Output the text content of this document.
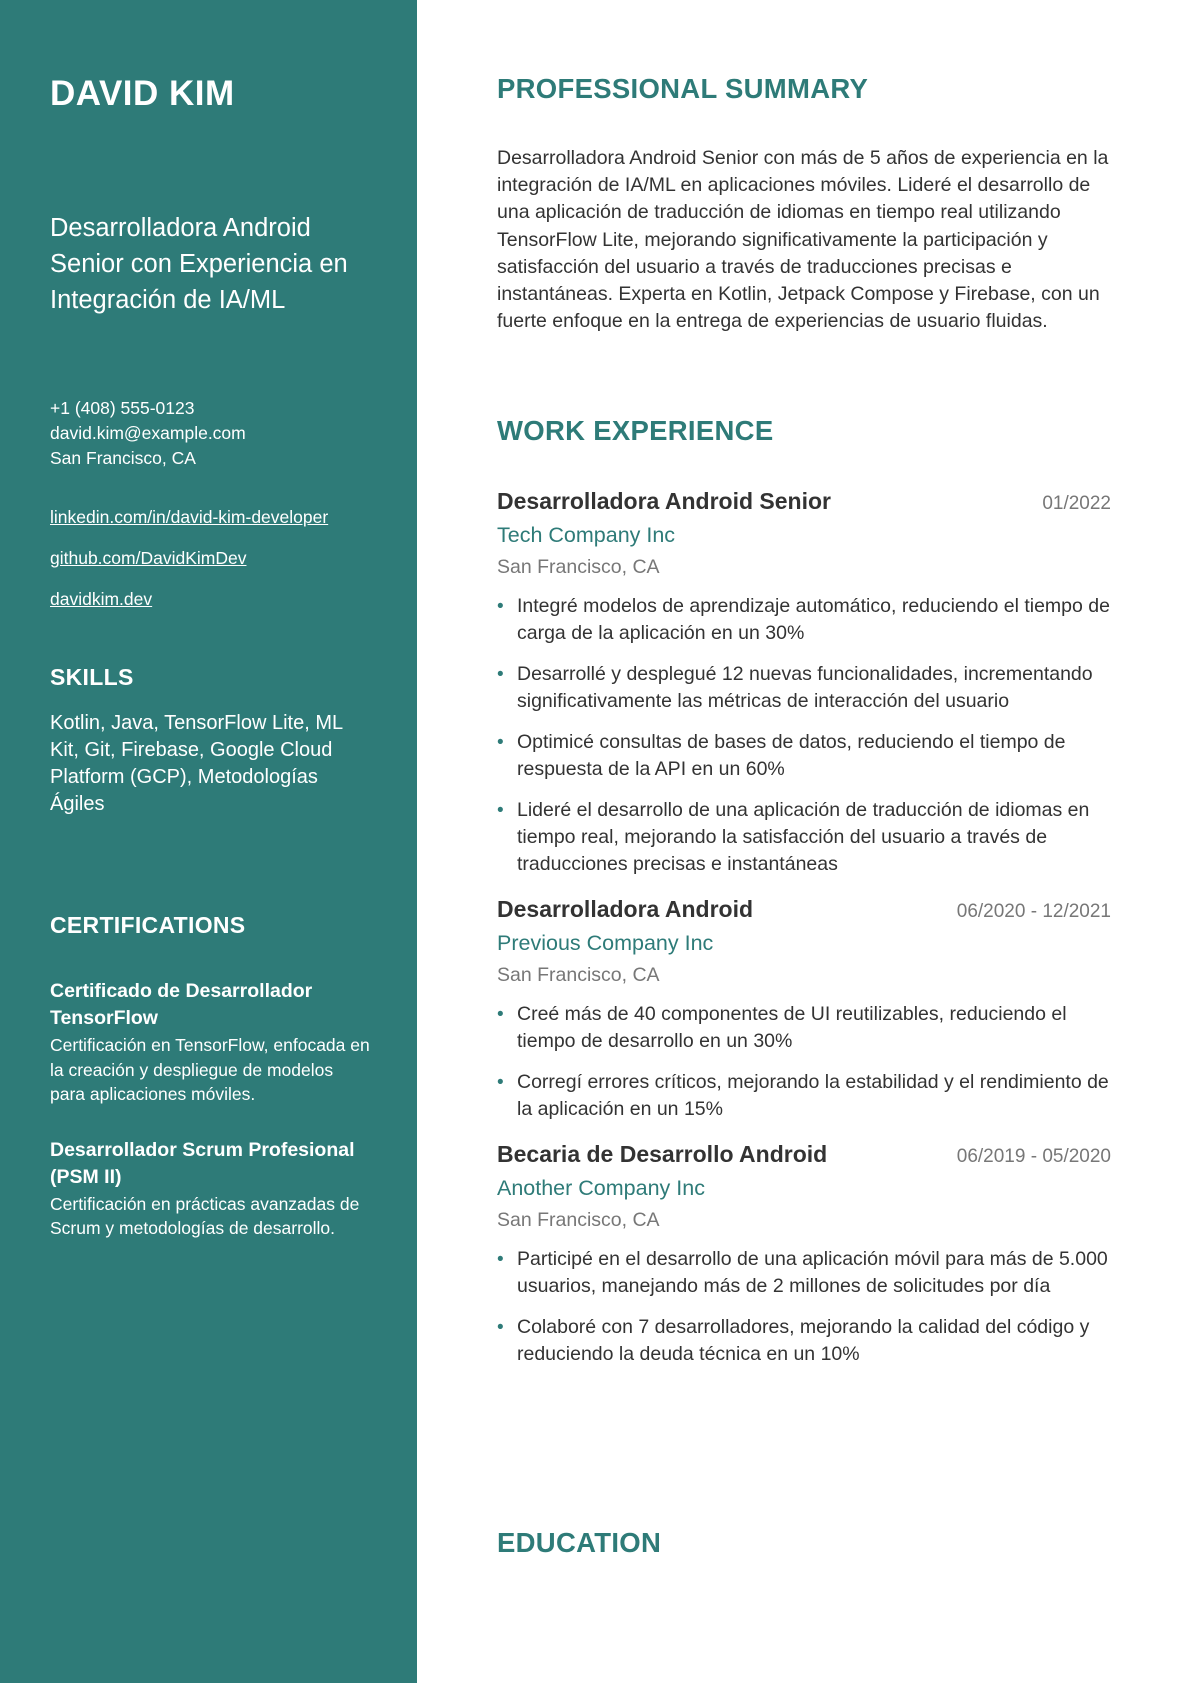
DAVID KIM
Desarrolladora Android Senior con Experiencia en Integración de IA/ML
+1 (408) 555-0123
david.kim@example.com
San Francisco, CA
linkedin.com/in/david-kim-developer
github.com/DavidKimDev
davidkim.dev
SKILLS
Kotlin, Java, TensorFlow Lite, ML Kit, Git, Firebase, Google Cloud Platform (GCP), Metodologías Ágiles
CERTIFICATIONS
Certificado de Desarrollador TensorFlow
Certificación en TensorFlow, enfocada en la creación y despliegue de modelos para aplicaciones móviles.
Desarrollador Scrum Profesional (PSM II)
Certificación en prácticas avanzadas de Scrum y metodologías de desarrollo.
PROFESSIONAL SUMMARY

Desarrolladora Android Senior con más de 5 años de experiencia en la integración de IA/ML en aplicaciones móviles. Lideré el desarrollo de una aplicación de traducción de idiomas en tiempo real utilizando TensorFlow Lite, mejorando significativamente la participación y satisfacción del usuario a través de traducciones precisas e instantáneas. Experta en Kotlin, Jetpack Compose y Firebase, con un fuerte enfoque en la entrega de experiencias de usuario fluidas.

WORK EXPERIENCE
Desarrolladora Android Senior	01/2022
Tech Company Inc
San Francisco, CA
• Integré modelos de aprendizaje automático, reduciendo el tiempo de carga de la aplicación en un 30%
• Desarrollé y desplegué 12 nuevas funcionalidades, incrementando significativamente las métricas de interacción del usuario
• Optimicé consultas de bases de datos, reduciendo el tiempo de respuesta de la API en un 60%
• Lideré el desarrollo de una aplicación de traducción de idiomas en tiempo real, mejorando la satisfacción del usuario a través de traducciones precisas e instantáneas
Desarrolladora Android	06/2020 - 12/2021
Previous Company Inc
San Francisco, CA
• Creé más de 40 componentes de UI reutilizables, reduciendo el tiempo de desarrollo en un 30%
• Corregí errores críticos, mejorando la estabilidad y el rendimiento de la aplicación en un 15%
Becaria de Desarrollo Android	06/2019 - 05/2020
Another Company Inc
San Francisco, CA
• Participé en el desarrollo de una aplicación móvil para más de 5.000 usuarios, manejando más de 2 millones de solicitudes por día
• Colaboré con 7 desarrolladores, mejorando la calidad del código y reduciendo la deuda técnica en un 10%
EDUCATION
